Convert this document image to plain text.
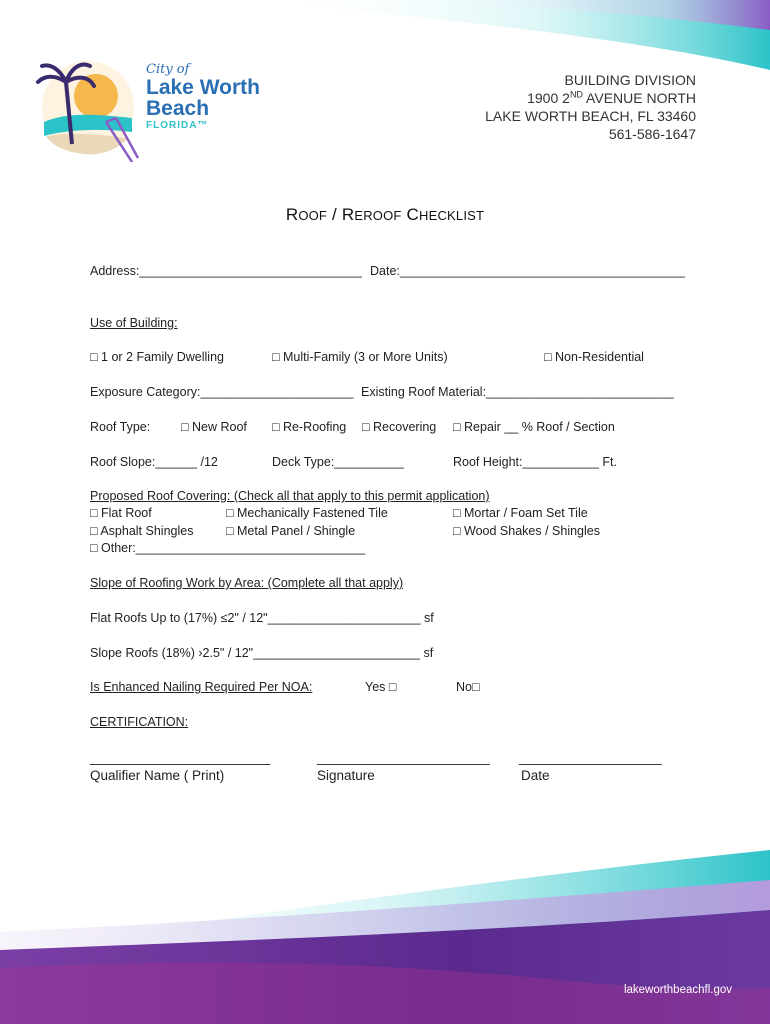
City of
Lake Worth
Beach
FLORIDA™
BUILDING DIVISION
1900 2ND AVENUE NORTH
LAKE WORTH BEACH, FL 33460
561-586-1647
ROOF / REROOF CHECKLIST
Address:________________________________ Date:_________________________________________
Use of Building:
□ 1 or 2 Family Dwelling	□ Multi-Family (3 or More Units)	□ Non-Residential
Exposure Category:______________________ Existing Roof Material:___________________________
Roof Type: □ New Roof □ Re-Roofing □ Recovering □ Repair __ % Roof / Section
Roof Slope:______ /12	Deck Type:__________	Roof Height:___________ Ft.
Proposed Roof Covering: (Check all that apply to this permit application)
□ Flat Roof	□ Mechanically Fastened Tile	□ Mortar / Foam Set Tile
□ Asphalt Shingles	□ Metal Panel / Shingle	□ Wood Shakes / Shingles
□ Other:_________________________________
Slope of Roofing Work by Area: (Complete all that apply)
Flat Roofs Up to (17%) ≤2" / 12"______________________ sf
Slope Roofs (18%) ›2.5" / 12"________________________ sf
Is Enhanced Nailing Required Per NOA:	Yes □	No□
CERTIFICATION:
________________________	_______________________ ___________________
Qualifier Name ( Print)	Signature	Date
lakeworthbeachfl.gov
